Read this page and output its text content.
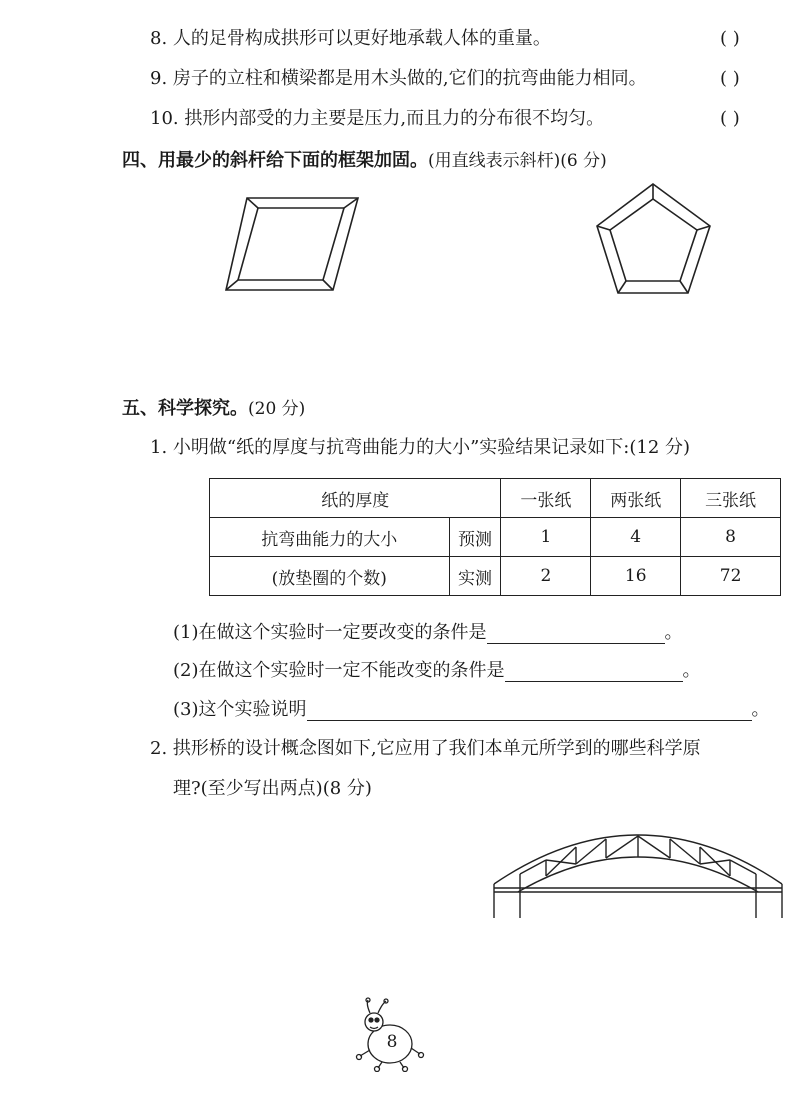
8. 人的足骨构成拱形可以更好地承载人体的重量。	( )
9. 房子的立柱和横梁都是用木头做的,它们的抗弯曲能力相同。	( )
10. 拱形内部受的力主要是压力,而且力的分布很不均匀。	( )
四、用最少的斜杆给下面的框架加固。(用直线表示斜杆)(6 分)
五、科学探究。(20 分)
1. 小明做“纸的厚度与抗弯曲能力的大小”实验结果记录如下:(12 分)
纸的厚度		一张纸	两张纸	三张纸
抗弯曲能力的大小	预测	1	4	8
(放垫圈的个数)	实测	2	16	72
(1)在做这个实验时一定要改变的条件是	。
(2)在做这个实验时一定不能改变的条件是	。
(3)这个实验说明	。
2. 拱形桥的设计概念图如下,它应用了我们本单元所学到的哪些科学原
理?(至少写出两点)(8 分)
8
